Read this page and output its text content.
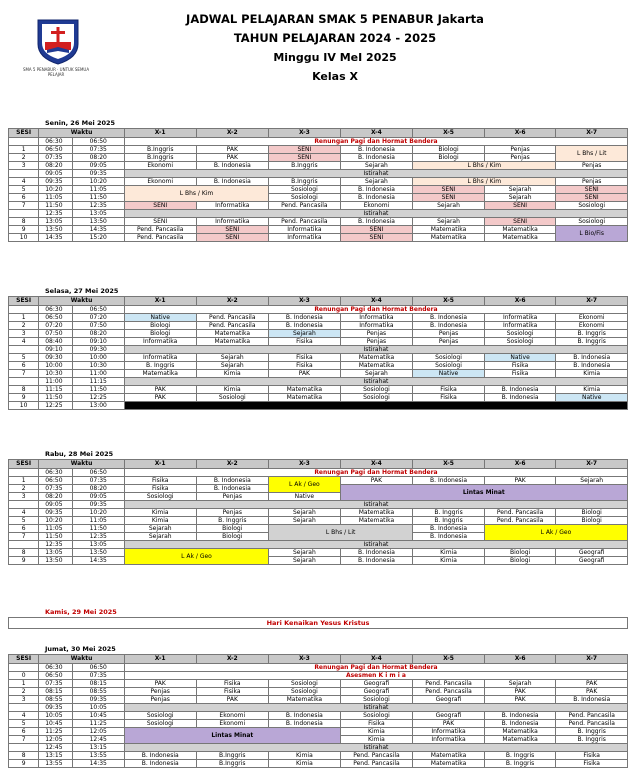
SMA 5 PENABUR · UNTUK SEMUA PELAJAR
JADWAL PELAJARAN SMAK 5 PENABUR Jakarta
TAHUN PELAJARAN 2024 - 2025
Minggu IV MeI 2025
Kelas X
Senin, 26 Mei 2025
Selasa, 27 Mei 2025
Rabu, 28 Mei 2025
Kamis, 29 Mei 2025
Jumat, 30 Mei 2025
SESI	Waktu		X-1	X-2	X-3	X-4	X-5	X-6	X-7
	06:30	06:50	Renungan Pagi dan Hormat Bendera						
1	06:50	07:35	B.Inggris	PAK	SENI	B. Indonesia	Biologi	Penjas	L Bhs / Lit
2	07:35	08:20	B.Inggris	PAK	SENI	B. Indonesia	Biologi	Penjas	
3	08:20	09:05	Ekonomi	B. Indonesia	B.Inggris	Sejarah	L Bhs / Kim		Penjas
	09:05	09:35	Istirahat						
4	09:35	10:20	Ekonomi	B. Indonesia	B.Inggris	Sejarah	L Bhs / Kim		Penjas
5	10:20	11:05	L Bhs / Kim		Sosiologi	B. Indonesia	SENI	Sejarah	SENI
6	11:05	11:50			Sosiologi	B. Indonesia	SENI	Sejarah	SENI
7	11:50	12:35	SENI	Informatika	Pend. Pancasila	Ekonomi	Sejarah	SENI	Sosiologi
	12:35	13:05	Istirahat						
8	13:05	13:50	SENI	Informatika	Pend. Pancasila	B. Indonesia	Sejarah	SENI	Sosiologi
9	13:50	14:35	Pend. Pancasila	SENI	Informatika	SENI	Matematika	Matematika	L Bio/Fis
10	14:35	15:20	Pend. Pancasila	SENI	Informatika	SENI	Matematika	Matematika	
SESI	Waktu		X-1	X-2	X-3	X-4	X-5	X-6	X-7
	06:30	06:50	Renungan Pagi dan Hormat Bendera						
1	06:50	07:20	Native	Pend. Pancasila	B. Indonesia	Informatika	B. Indonesia	Informatika	Ekonomi
2	07:20	07:50	Biologi	Pend. Pancasila	B. Indonesia	Informatika	B. Indonesia	Informatika	Ekonomi
3	07:50	08:20	Biologi	Matematika	Sejarah	Penjas	Penjas	Sosiologi	B. Inggris
4	08:40	09:10	Informatika	Matematika	Fisika	Penjas	Penjas	Sosiologi	B. Inggris
	09:10	09:30	Istirahat						
5	09:30	10:00	Informatika	Sejarah	Fisika	Matematika	Sosiologi	Native	B. Indonesia
6	10:00	10:30	B. Inggris	Sejarah	Fisika	Matematika	Sosiologi	Fisika	B. Indonesia
7	10:30	11:00	Matematika	Kimia	PAK	Sejarah	Native	Fisika	Kimia
	11:00	11:15	Istirahat						
8	11:15	11:50	PAK	Kimia	Matematika	Sosiologi	Fisika	B. Indonesia	Kimia
9	11:50	12:25	PAK	Sosiologi	Matematika	Sosiologi	Fisika	B. Indonesia	Native
10	12:25	13:00							
SESI	Waktu		X-1	X-2	X-3	X-4	X-5	X-6	X-7
	06:30	06:50	Renungan Pagi dan Hormat Bendera						
1	06:50	07:35	Fisika	B. Indonesia	L Ak / Geo	PAK	B. Indonesia	PAK	Sejarah
2	07:35	08:20	Fisika	B. Indonesia		Lintas Minat			
3	08:20	09:05	Sosiologi	Penjas	Native				
	09:05	09:35	Istirahat						
4	09:35	10:20	Kimia	Penjas	Sejarah	Matematika	B. Inggris	Pend. Pancasila	Biologi
5	10:20	11:05	Kimia	B. Inggris	Sejarah	Matematika	B. Inggris	Pend. Pancasila	Biologi
6	11:05	11:50	Sejarah	Biologi	L Bhs / Lit		B. Indonesia	L Ak / Geo	
7	11:50	12:35	Sejarah	Biologi			B. Indonesia		
	12:35	13:05	Istirahat						
8	13:05	13:50	L Ak / Geo		Sejarah	B. Indonesia	Kimia	Biologi	Geografi
9	13:50	14:35			Sejarah	B. Indonesia	Kimia	Biologi	Geografi
SESI	Waktu		X-1	X-2	X-3	X-4	X-5	X-6	X-7
	06:30	06:50	Renungan Pagi dan Hormat Bendera						
0	06:50	07:35	Asesmen K i m i a						
1	07:35	08:15	PAK	Fisika	Sosiologi	Geografi	Pend. Pancasila	Sejarah	PAK
2	08:15	08:55	Penjas	Fisika	Sosiologi	Geografi	Pend. Pancasila	PAK	PAK
3	08:55	09:35	Penjas	PAK	Matematika	Sosiologi	Geografi	PAK	B. Indonesia
	09:35	10:05	Istirahat						
4	10:05	10:45	Sosiologi	Ekonomi	B. Indonesia	Sosiologi	Geografi	B. Indonesia	Pend. Pancasila
5	10:45	11:25	Sosiologi	Ekonomi	B. Indonesia	Fisika	PAK	B. Indonesia	Pend. Pancasila
6	11:25	12:05	Lintas Minat			Kimia	Informatika	Matematika	B. Inggris
7	12:05	12:45				Kimia	Informatika	Matematika	B. Inggris
	12:45	13:15	Istirahat						
8	13:15	13:55	B. Indonesia	B.Inggris	Kimia	Pend. Pancasila	Matematika	B. Inggris	Fisika
9	13:55	14:35	B. Indonesia	B.Inggris	Kimia	Pend. Pancasila	Matematika	B. Inggris	Fisika
Hari Kenaikan Yesus Kristus
